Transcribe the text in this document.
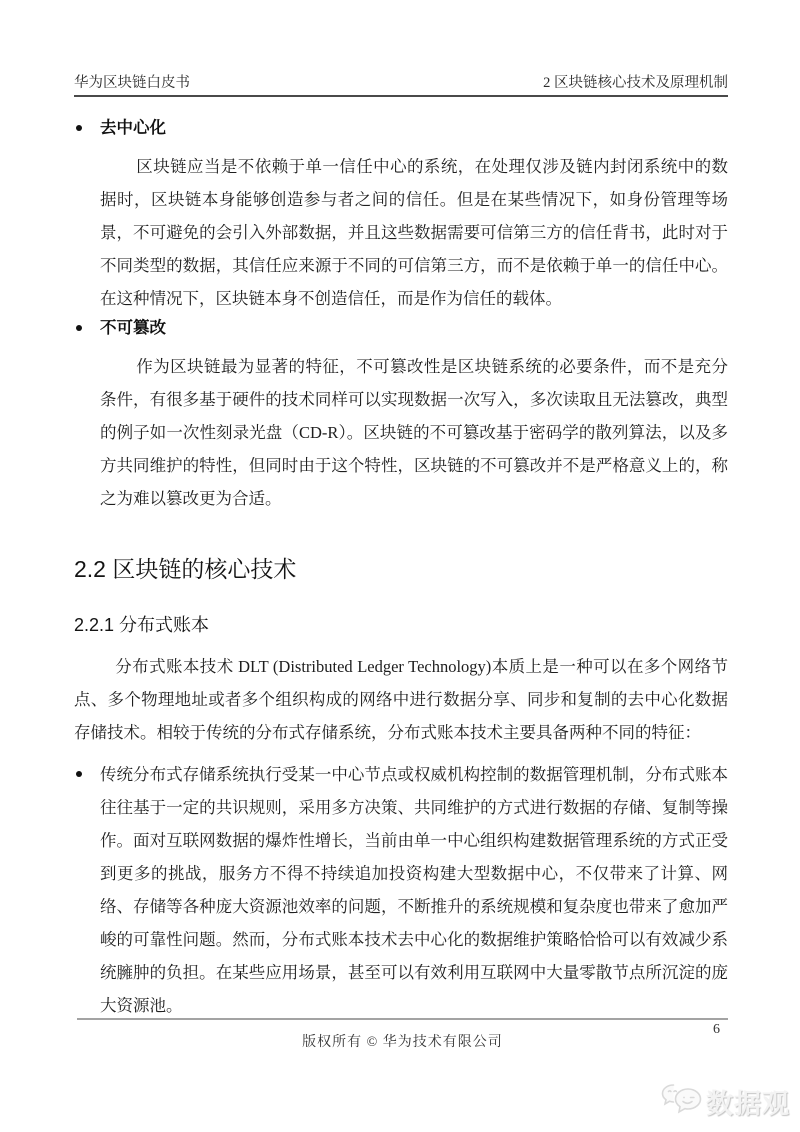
华为区块链白皮书	2 区块链核心技术及原理机制
去中心化

区块链应当是不依赖于单一信任中心的系统，在处理仅涉及链内封闭系统中的数据时，区块链本身能够创造参与者之间的信任。但是在某些情况下，如身份管理等场景，不可避免的会引入外部数据，并且这些数据需要可信第三方的信任背书，此时对于不同类型的数据，其信任应来源于不同的可信第三方，而不是依赖于单一的信任中心。在这种情况下，区块链本身不创造信任，而是作为信任的载体。

不可篡改

作为区块链最为显著的特征，不可篡改性是区块链系统的必要条件，而不是充分条件，有很多基于硬件的技术同样可以实现数据一次写入，多次读取且无法篡改，典型的例子如一次性刻录光盘（CD-R）。区块链的不可篡改基于密码学的散列算法，以及多方共同维护的特性，但同时由于这个特性，区块链的不可篡改并不是严格意义上的，称之为难以篡改更为合适。

2.2 区块链的核心技术
2.2.1 分布式账本

分布式账本技术 DLT (Distributed Ledger Technology)本质上是一种可以在多个网络节点、多个物理地址或者多个组织构成的网络中进行数据分享、同步和复制的去中心化数据存储技术。相较于传统的分布式存储系统，分布式账本技术主要具备两种不同的特征：

传统分布式存储系统执行受某一中心节点或权威机构控制的数据管理机制，分布式账本往往基于一定的共识规则，采用多方决策、共同维护的方式进行数据的存储、复制等操作。面对互联网数据的爆炸性增长，当前由单一中心组织构建数据管理系统的方式正受到更多的挑战，服务方不得不持续追加投资构建大型数据中心，不仅带来了计算、网络、存储等各种庞大资源池效率的问题，不断推升的系统规模和复杂度也带来了愈加严峻的可靠性问题。然而，分布式账本技术去中心化的数据维护策略恰恰可以有效减少系统臃肿的负担。在某些应用场景，甚至可以有效利用互联网中大量零散节点所沉淀的庞大资源池。

6
版权所有 © 华为技术有限公司
数据观
